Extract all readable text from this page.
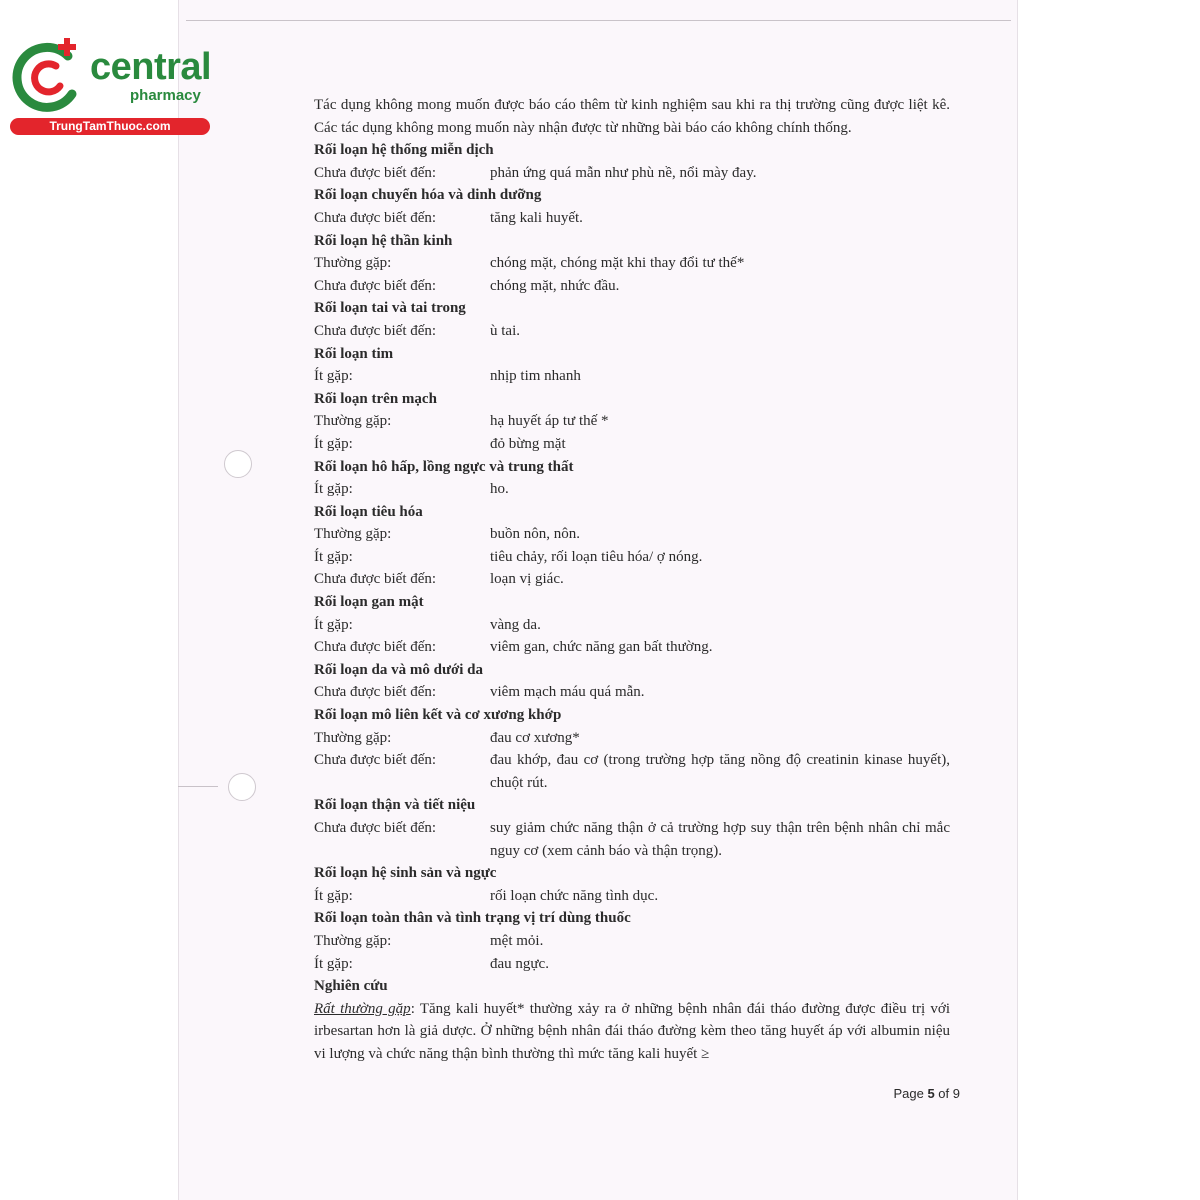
central
pharmacy
TrungTamThuoc.com
Tác dụng không mong muốn được báo cáo thêm từ kinh nghiệm sau khi ra thị trường cũng được liệt kê. Các tác dụng không mong muốn này nhận được từ những bài báo cáo không chính thống.
Rối loạn hệ thống miễn dịch
Chưa được biết đến:	phản ứng quá mẫn như phù nề, nổi mày đay.
Rối loạn chuyển hóa và dinh dưỡng
Chưa được biết đến:	tăng kali huyết.
Rối loạn hệ thần kinh
Thường gặp:	chóng mặt, chóng mặt khi thay đổi tư thế*
Chưa được biết đến:	chóng mặt, nhức đầu.
Rối loạn tai và tai trong
Chưa được biết đến:	ù tai.
Rối loạn tim
Ít gặp:	nhịp tim nhanh
Rối loạn trên mạch
Thường gặp:	hạ huyết áp tư thế *
Ít gặp:	đỏ bừng mặt
Rối loạn hô hấp, lồng ngực và trung thất
Ít gặp:	ho.
Rối loạn tiêu hóa
Thường gặp:	buồn nôn, nôn.
Ít gặp:	tiêu chảy, rối loạn tiêu hóa/ ợ nóng.
Chưa được biết đến:	loạn vị giác.
Rối loạn gan mật
Ít gặp:	vàng da.
Chưa được biết đến:	viêm gan, chức năng gan bất thường.
Rối loạn da và mô dưới da
Chưa được biết đến:	viêm mạch máu quá mẫn.
Rối loạn mô liên kết và cơ xương khớp
Thường gặp:	đau cơ xương*
Chưa được biết đến:	đau khớp, đau cơ (trong trường hợp tăng nồng độ creatinin kinase huyết), chuột rút.
Rối loạn thận và tiết niệu
Chưa được biết đến:	suy giảm chức năng thận ở cả trường hợp suy thận trên bệnh nhân chỉ mắc nguy cơ (xem cảnh báo và thận trọng).
Rối loạn hệ sinh sản và ngực
Ít gặp:	rối loạn chức năng tình dục.
Rối loạn toàn thân và tình trạng vị trí dùng thuốc
Thường gặp:	mệt mỏi.
Ít gặp:	đau ngực.
Nghiên cứu
Rất thường gặp: Tăng kali huyết* thường xảy ra ở những bệnh nhân đái tháo đường được điều trị với irbesartan hơn là giả dược. Ở những bệnh nhân đái tháo đường kèm theo tăng huyết áp với albumin niệu vi lượng và chức năng thận bình thường thì mức tăng kali huyết ≥
Page 5 of 9
